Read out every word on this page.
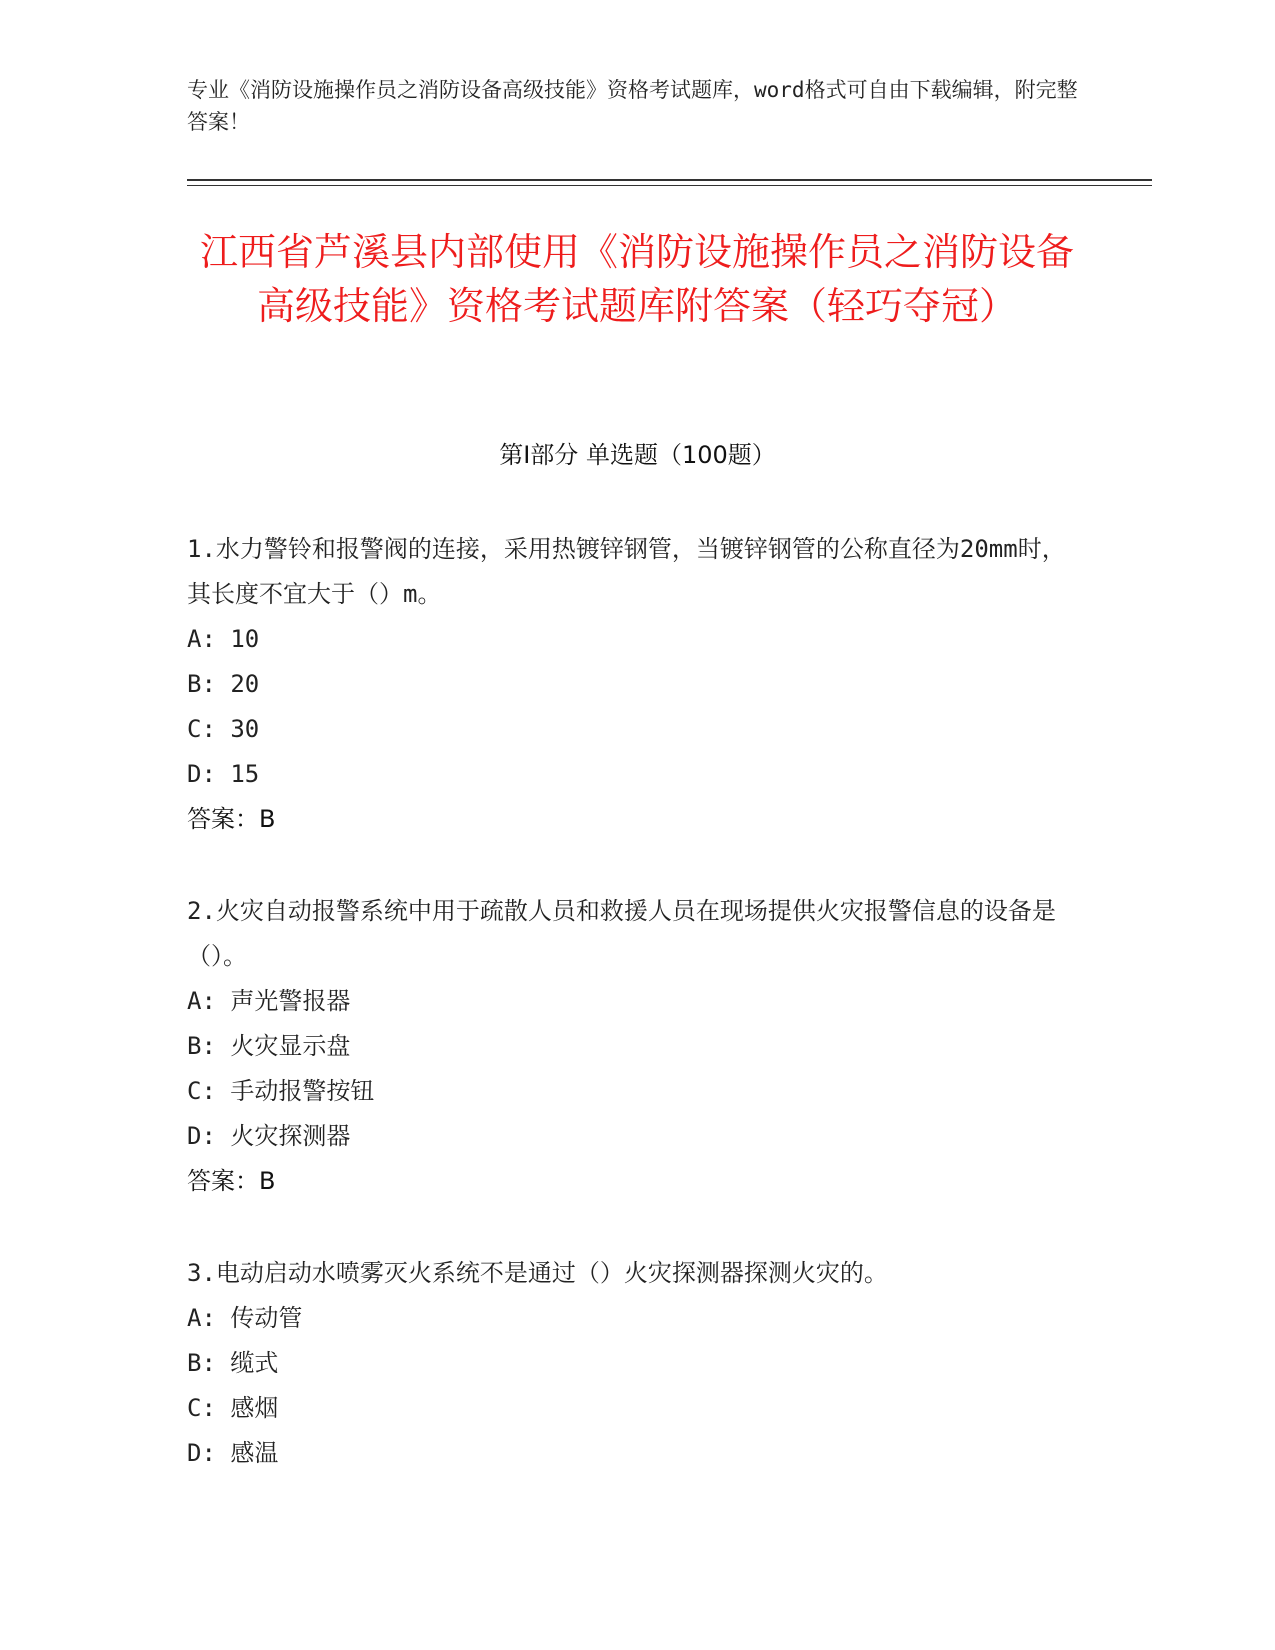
专业《消防设施操作员之消防设备高级技能》资格考试题库，word格式可自由下载编辑，附完整答案！
江西省芦溪县内部使用《消防设施操作员之消防设备高级技能》资格考试题库附答案（轻巧夺冠）
第Ⅰ部分 单选题（100题）
1.水力警铃和报警阀的连接，采用热镀锌钢管，当镀锌钢管的公称直径为20mm时，其长度不宜大于（）m。
A: 10
B: 20
C: 30
D: 15
答案：B
2.火灾自动报警系统中用于疏散人员和救援人员在现场提供火灾报警信息的设备是（）。
A: 声光警报器
B: 火灾显示盘
C: 手动报警按钮
D: 火灾探测器
答案：B
3.电动启动水喷雾灭火系统不是通过（）火灾探测器探测火灾的。
A: 传动管
B: 缆式
C: 感烟
D: 感温
